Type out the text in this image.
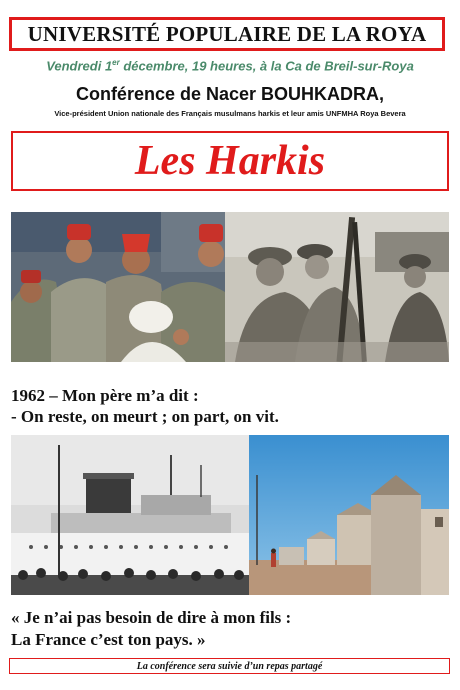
UNIVERSITÉ POPULAIRE DE LA ROYA
Vendredi 1er décembre, 19 heures, à la Ca de Breil-sur-Roya
Conférence de Nacer BOUHKADRA,
Vice-président Union nationale des Français musulmans harkis et leur amis UNFMHA Roya Bevera
Les Harkis
1962 – Mon père m’a dit :
- On reste, on meurt ; on part, on vit.
« Je n’ai pas besoin de dire à mon fils :
La France c’est ton pays. »
La conférence sera suivie d’un repas partagé
